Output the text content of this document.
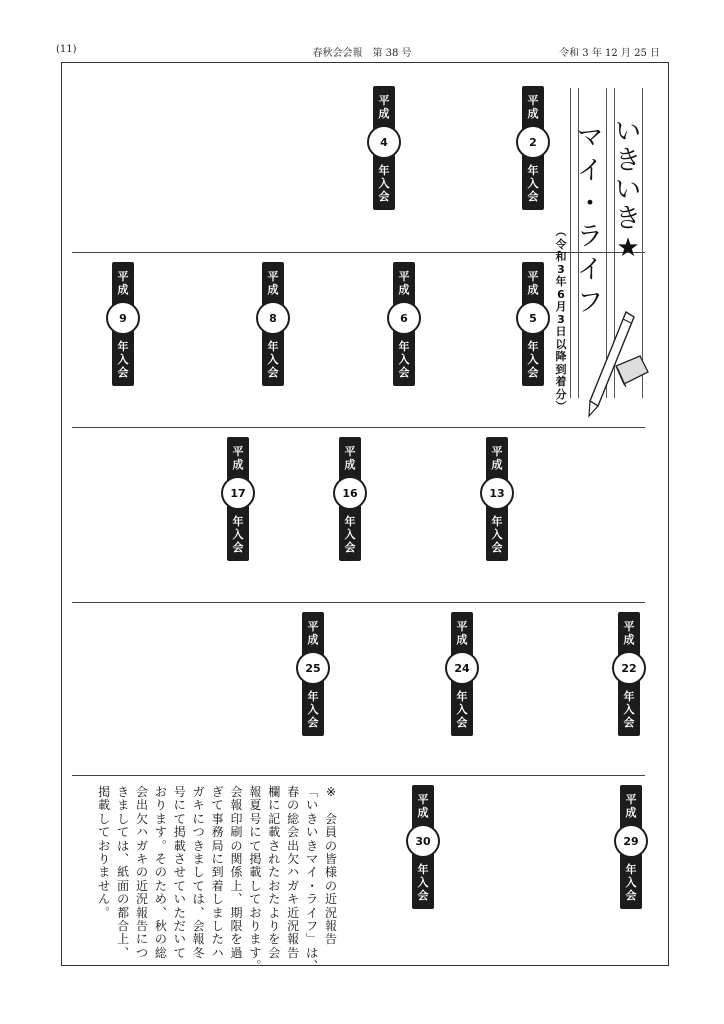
(11)	春秋会会報　第 38 号	令和 3 年 12 月 25 日
い
き
い
き
★
マ
イ
・
ラ
イ
フ
︵
令
和
3
年
6
月
3
日
以
降
到
着
分
︶
平
成
2
年
入
会
平
成
4
年
入
会
平
成
5
年
入
会
平
成
6
年
入
会
平
成
8
年
入
会
平
成
9
年
入
会
平
成
13
年
入
会
平
成
16
年
入
会
平
成
17
年
入
会
平
成
22
年
入
会
平
成
24
年
入
会
平
成
25
年
入
会
平
成
29
年
入
会
平
成
30
年
入
会
※

会
員
の
皆
様
の
近
況
報
告
﹁
い
き
い
き
マ
イ
・
ラ
イ
フ
﹂
は
︑
春
の
総
会
出
欠
ハ
ガ
キ
近
況
報
告
欄
に
記
載
さ
れ
た
お
た
よ
り
を
会
報
夏
号
に
て
掲
載
し
て
お
り
ま
す
︒
会
報
印
刷
の
関
係
上
︑
期
限
を
過
ぎ
て
事
務
局
に
到
着
し
ま
し
た
ハ
ガ
キ
に
つ
き
ま
し
て
は
︑
会
報
冬
号
に
て
掲
載
さ
せ
て
い
た
だ
い
て
お
り
ま
す
︒
そ
の
た
め
︑
秋
の
総
会
出
欠
ハ
ガ
キ
の
近
況
報
告
に
つ
き
ま
し
て
は
︑
紙
面
の
都
合
上
︑
掲
載
し
て
お
り
ま
せ
ん
︒
